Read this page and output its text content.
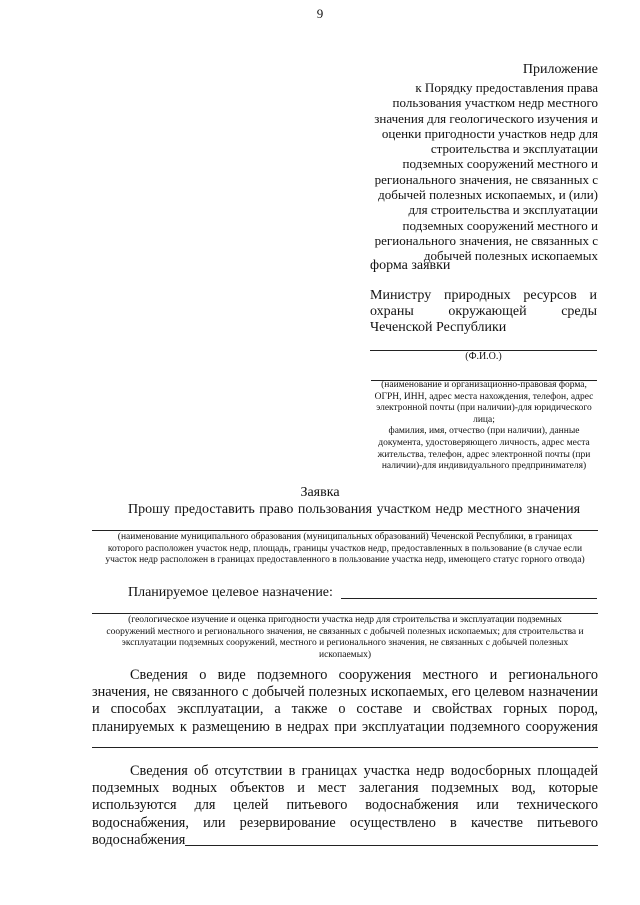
9
Приложение
к Порядку предоставления права
пользования участком недр местного
значения для геологического изучения и
оценки пригодности участков недр для
строительства и эксплуатации
подземных сооружений местного и
регионального значения, не связанных с
добычей полезных ископаемых, и (или)
для строительства и эксплуатации
подземных сооружений местного и
регионального значения, не связанных с
добычей полезных ископаемых
форма заявки
Министру природных ресурсов и
охраны окружающей среды
Чеченской Республики
(Ф.И.О.)
(наименование и организационно-правовая форма,
ОГРН, ИНН, адрес места нахождения, телефон, адрес
электронной почты (при наличии)-для юридического
лица;
фамилия, имя, отчество (при наличии), данные
документа, удостоверяющего личность, адрес места
жительства, телефон, адрес электронной почты (при
наличии)-для индивидуального предпринимателя)
Заявка
Прошу предоставить право пользования участком недр местного значения
(наименование муниципального образования (муниципальных образований) Чеченской Республики, в границах
которого расположен участок недр, площадь, границы участков недр, предоставленных в пользование (в случае если
участок недр расположен в границах предоставленного в пользование участка недр, имеющего статус горного отвода)
Планируемое целевое назначение:
(геологическое изучение и оценка пригодности участка недр для строительства и эксплуатации подземных
сооружений местного и регионального значения, не связанных с добычей полезных ископаемых; для строительства и
эксплуатации подземных сооружений, местного и регионального значения, не связанных с добычей полезных
ископаемых)
Сведения о виде подземного сооружения местного и регионального
значения, не связанного с добычей полезных ископаемых, его целевом назначении
и способах эксплуатации, а также о составе и свойствах горных пород,
планируемых к размещению в недрах при эксплуатации подземного сооружения
Сведения об отсутствии в границах участка недр водосборных площадей
подземных водных объектов и мест залегания подземных вод, которые
используются для целей питьевого водоснабжения или технического
водоснабжения, или резервирование осуществлено в качестве питьевого
водоснабжения
